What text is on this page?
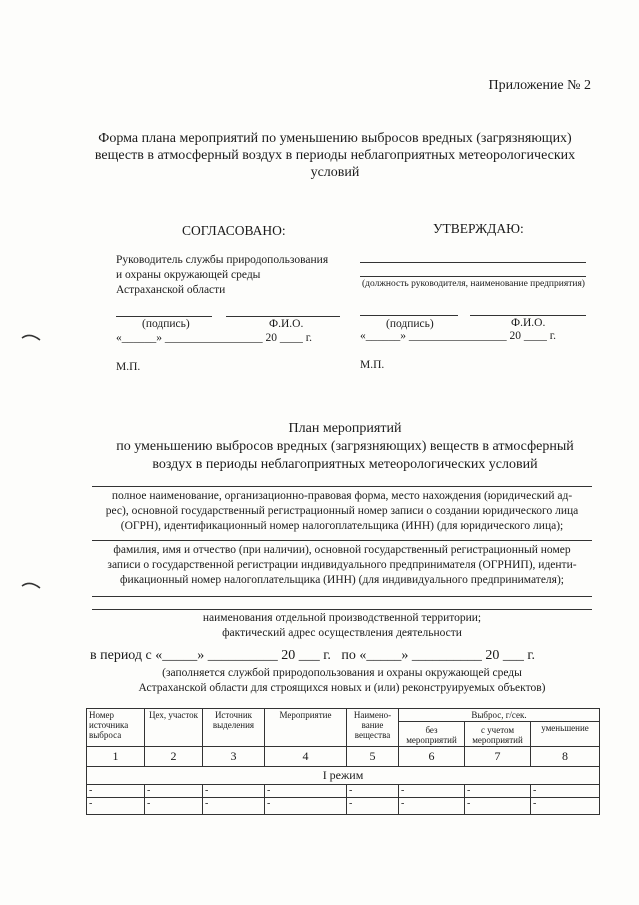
Приложение № 2
Форма плана мероприятий по уменьшению выбросов вредных (загрязняющих)
веществ в атмосферный воздух в периоды неблагоприятных метеорологических
условий
СОГЛАСОВАНО:
Руководитель службы природопользования
и охраны окружающей среды
Астраханской области
(подпись)	Ф.И.О.
«______» _________________ 20 ____ г.
М.П.
УТВЕРЖДАЮ:
(должность руководителя, наименование предприятия)
(подпись)	Ф.И.О.
«______» _________________ 20 ____ г.
М.П.
План мероприятий
по уменьшению выбросов вредных (загрязняющих) веществ в атмосферный
воздух в периоды неблагоприятных метеорологических условий
полное наименование, организационно-правовая форма, место нахождения (юридический ад-
рес), основной государственный регистрационный номер записи о создании юридического лица
(ОГРН), идентификационный номер налогоплательщика (ИНН) (для юридического лица);
фамилия, имя и отчество (при наличии), основной государственный регистрационный номер
записи о государственной регистрации индивидуального предпринимателя (ОГРНИП), иденти-
фикационный номер налогоплательщика (ИНН) (для индивидуального предпринимателя);
наименования отдельной производственной территории;
фактический адрес осуществления деятельности
в период с «_____» __________ 20 ___ г.   по «_____» __________ 20 ___ г.
(заполняется службой природопользования и охраны окружающей среды
Астраханской области для строящихся новых и (или) реконструируемых объектов)
Номер источника выброса	Цех, участок	Источник выделения	Мероприятие	Наимено-вание вещества	Выброс, г/сек.		
					без мероприятий	с учетом мероприятий	уменьшение
1	2	3	4	5	6	7	8
I режим							
-	-	-	-	-	-	-	-
-	-	-	-	-	-	-	-
